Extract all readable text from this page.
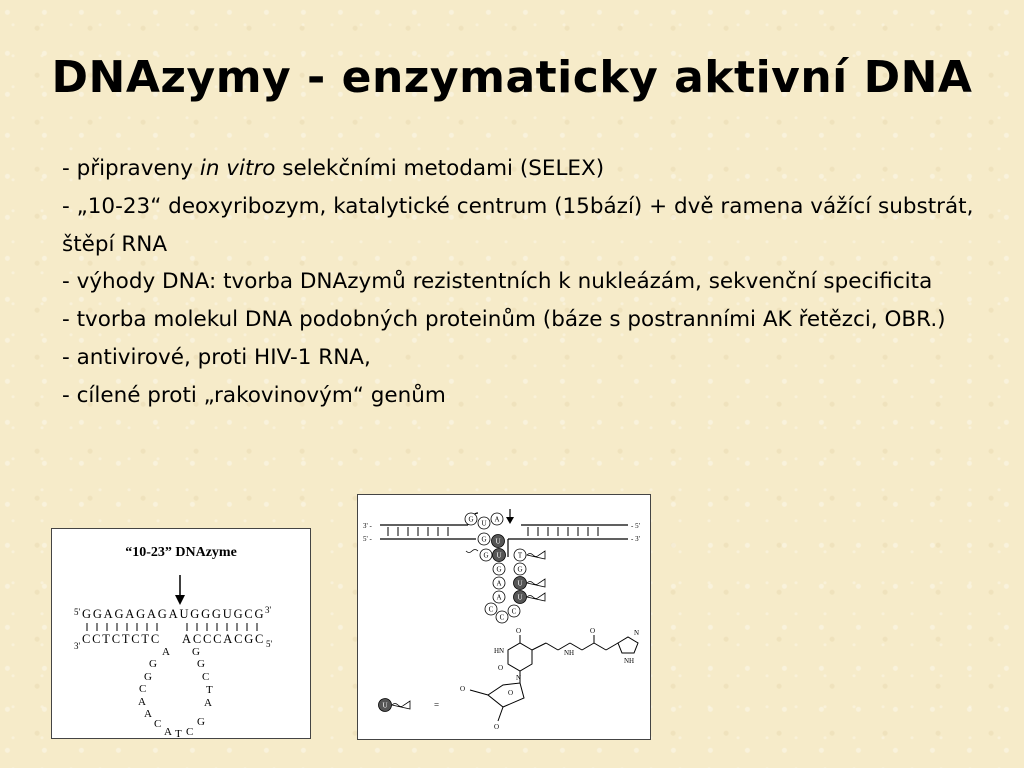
DNAzymy - enzymaticky aktivní DNA

- připraveny in vitro selekčními metodami (SELEX)

- „10-23“ deoxyribozym, katalytické centrum (15bází) + dvě ramena vážící substrát, štěpí RNA

- výhody DNA: tvorba DNAzymů rezistentních k nukleázám, sekvenční specificita

- tvorba molekul DNA podobných proteinům (báze s postranními AK řetězci, OBR.)

- antivirové, proti HIV-1 RNA,

- cílené proti „rakovinovým“ genům

“10-23” DNAzyme
5' GGAGAGAGAUGGGUGCG 3'
CCTCTCTC ACCCACGC
3'	5'
A G
G
G
C
A
A
C
A T C
G
C
T
A
G
3' -
5' -
- 5'
- 3'
G U A
G U
G
G
A
A
T
G
U
U
U
C
C
C
O
HN
O
N
O
NH
O	N
N H
O
O
U	=
